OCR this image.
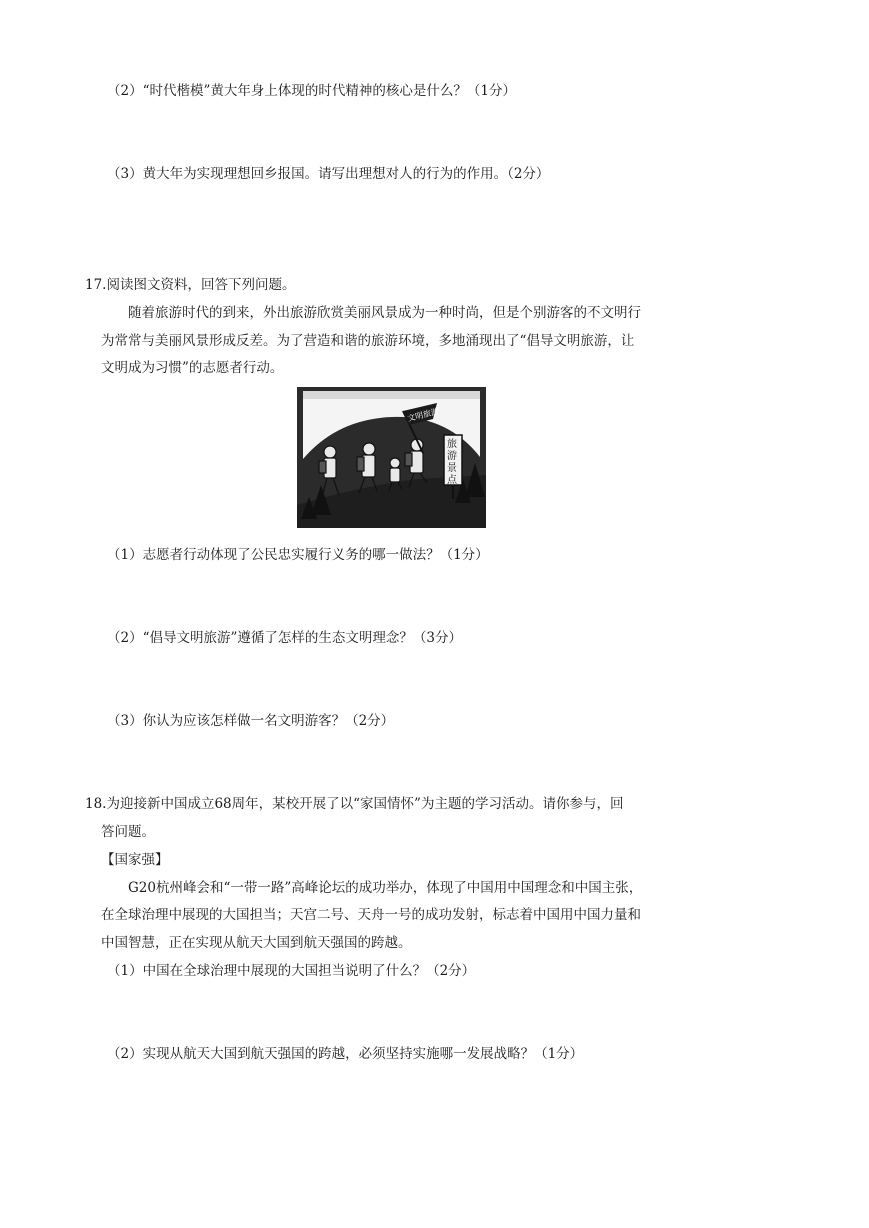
（2）“时代楷模”黄大年身上体现的时代精神的核心是什么？（1分）
（3）黄大年为实现理想回乡报国。请写出理想对人的行为的作用。（2分）
17.阅读图文资料，回答下列问题。
随着旅游时代的到来，外出旅游欣赏美丽风景成为一种时尚，但是个别游客的不文明行
为常常与美丽风景形成反差。为了营造和谐的旅游环境，多地涌现出了“倡导文明旅游，让
文明成为习惯”的志愿者行动。
文明旅游
旅
游
景
点
（1）志愿者行动体现了公民忠实履行义务的哪一做法？（1分）
（2）“倡导文明旅游”遵循了怎样的生态文明理念？（3分）
（3）你认为应该怎样做一名文明游客？（2分）
18.为迎接新中国成立68周年，某校开展了以“家国情怀”为主题的学习活动。请你参与，回
答问题。
【国家强】
G20杭州峰会和“一带一路”高峰论坛的成功举办，体现了中国用中国理念和中国主张，
在全球治理中展现的大国担当；天宫二号、天舟一号的成功发射，标志着中国用中国力量和
中国智慧，正在实现从航天大国到航天强国的跨越。
（1）中国在全球治理中展现的大国担当说明了什么？（2分）
（2）实现从航天大国到航天强国的跨越，必须坚持实施哪一发展战略？（1分）
